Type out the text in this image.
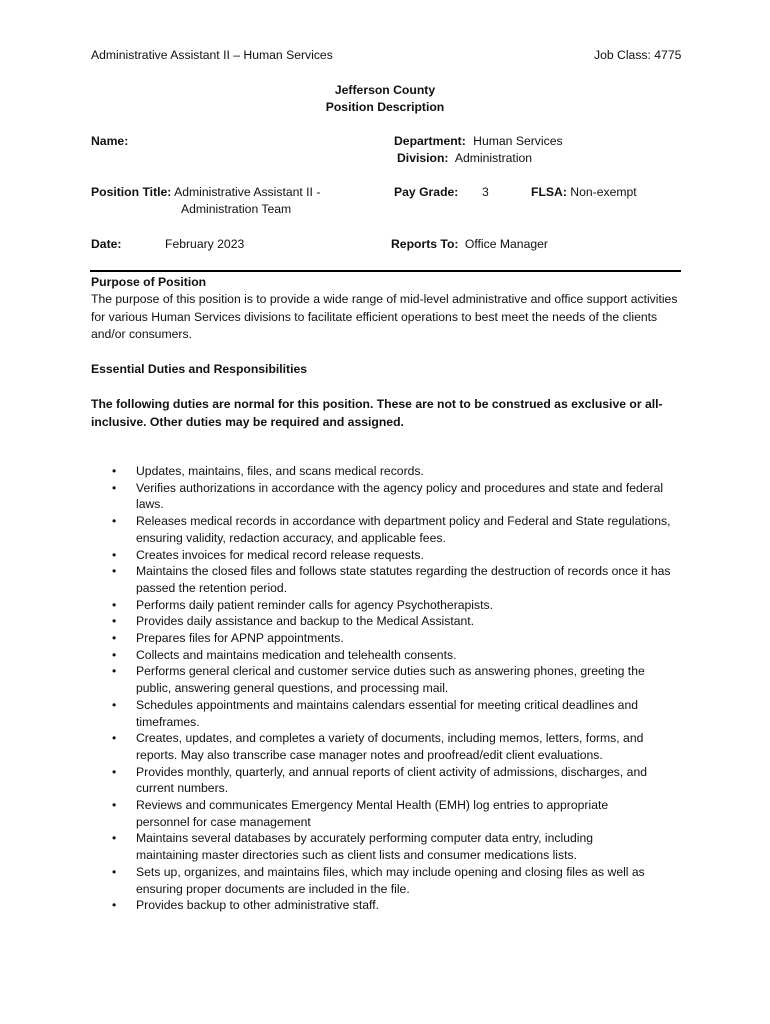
Administrative Assistant II – Human Services	Job Class: 4775
Jefferson County
Position Description
Name:	Department: Human Services
Division: Administration
Position Title: Administrative Assistant II -
Administration Team
Pay Grade: 3	FLSA: Non-exempt
Date:	February 2023	Reports To: Office Manager
Purpose of Position
The purpose of this position is to provide a wide range of mid-level administrative and office support activities for various Human Services divisions to facilitate efficient operations to best meet the needs of the clients and/or consumers.
Essential Duties and Responsibilities
The following duties are normal for this position. These are not to be construed as exclusive or all-inclusive. Other duties may be required and assigned.
• Updates, maintains, files, and scans medical records.
• Verifies authorizations in accordance with the agency policy and procedures and state and federal
laws.
• Releases medical records in accordance with department policy and Federal and State regulations,
ensuring validity, redaction accuracy, and applicable fees.
• Creates invoices for medical record release requests.
• Maintains the closed files and follows state statutes regarding the destruction of records once it has
passed the retention period.
• Performs daily patient reminder calls for agency Psychotherapists.
• Provides daily assistance and backup to the Medical Assistant.
• Prepares files for APNP appointments.
• Collects and maintains medication and telehealth consents.
• Performs general clerical and customer service duties such as answering phones, greeting the
public, answering general questions, and processing mail.
• Schedules appointments and maintains calendars essential for meeting critical deadlines and
timeframes.
• Creates, updates, and completes a variety of documents, including memos, letters, forms, and
reports. May also transcribe case manager notes and proofread/edit client evaluations.
• Provides monthly, quarterly, and annual reports of client activity of admissions, discharges, and
current numbers.
• Reviews and communicates Emergency Mental Health (EMH) log entries to appropriate
personnel for case management
• Maintains several databases by accurately performing computer data entry, including
maintaining master directories such as client lists and consumer medications lists.
• Sets up, organizes, and maintains files, which may include opening and closing files as well as
ensuring proper documents are included in the file.
• Provides backup to other administrative staff.
